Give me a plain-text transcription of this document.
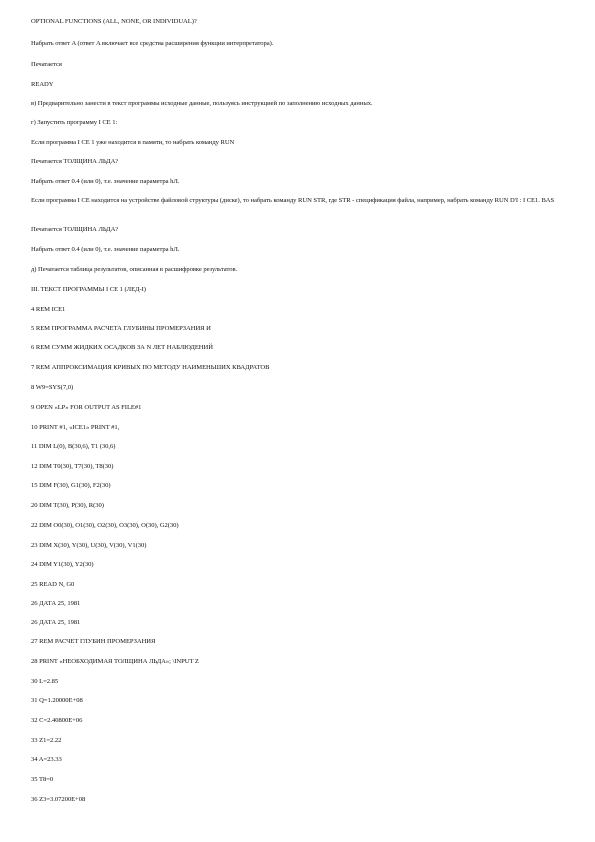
OPTIONAL FUNCTIONS (ALL, NONE, OR INDIVIDUAL)?
Набрать ответ A (ответ A включает все средства расширения функции интерпретатора).
Печатается
READY
в) Предварительно занести в текст программы исходные данные, пользуясь инструкцией по заполнению исходных данных.
г) Запустить программу I CE 1:
Если программа I CE 1 уже находится в памяти, то набрать команду RUN
Печатается ТОЛЩИНА ЛЬДА?
Набрать ответ 0.4 (или 0), т.е. значение параметра hЛ.
Если программа I CE находится на устройстве файловой структуры (диске), то набрать команду RUN STR, где STR - спецификация файла, например, набрать команду RUN D'I : I CE1. BAS
Печатается ТОЛЩИНА ЛЬДА?
Набрать ответ 0.4 (или 0), т.е. значение параметра hЛ.
д) Печатается таблица результатов, описанная в расшифровке результатов.
III. ТЕКСТ ПРОГРАММЫ I CE 1 (ЛЕД-I)
4 REM ICE1
5 REM ПРОГРАММА РАСЧЕТА ГЛУБИНЫ ПРОМЕРЗАНИЯ И
6 REM СУММ ЖИДКИХ ОСАДКОВ ЗА N ЛЕТ НАБЛЮДЕНИЙ
7 REM АППРОКСИМАЦИЯ КРИВЫХ ПО МЕТОДУ НАИМЕНЬШИХ КВАДРАТОВ
8 W9=SYS(7,0)
9 OPEN «LP» FOR OUTPUT AS FILE#1
10 PRINT #1, «ICE1» PRINT #1,
11 DIM L(0), B(30,6), T1 (30,6)
12 DIM T0(30), T7(30), T8(30)
15 DIM F(30), G1(30), F2(30)
20 DIM T(30), P(30), R(30)
22 DIM O0(30), O1(30), O2(30), O3(30), O(30), G2(30)
23 DIM X(30), Y(30), U(30), V(30), V1(30)
24 DIM Y1(30), Y2(30)
25 READ N, G0
26 ДАТА 25, 1981
26 ДАТА 25, 1981
27 REM РАСЧЕТ ГЛУБИН ПРОМЕРЗАНИЯ
28 PRINT «НЕОБХОДИМАЯ ТОЛЩИНА ЛЬДА»; \INPUT Z
30 L=2.85
31 Q=1.20000E+08
32 C=2.40800E+06
33 Z1=2.22
34 A=23.33
35 T8=0
36 Z3=3.07200E+08
